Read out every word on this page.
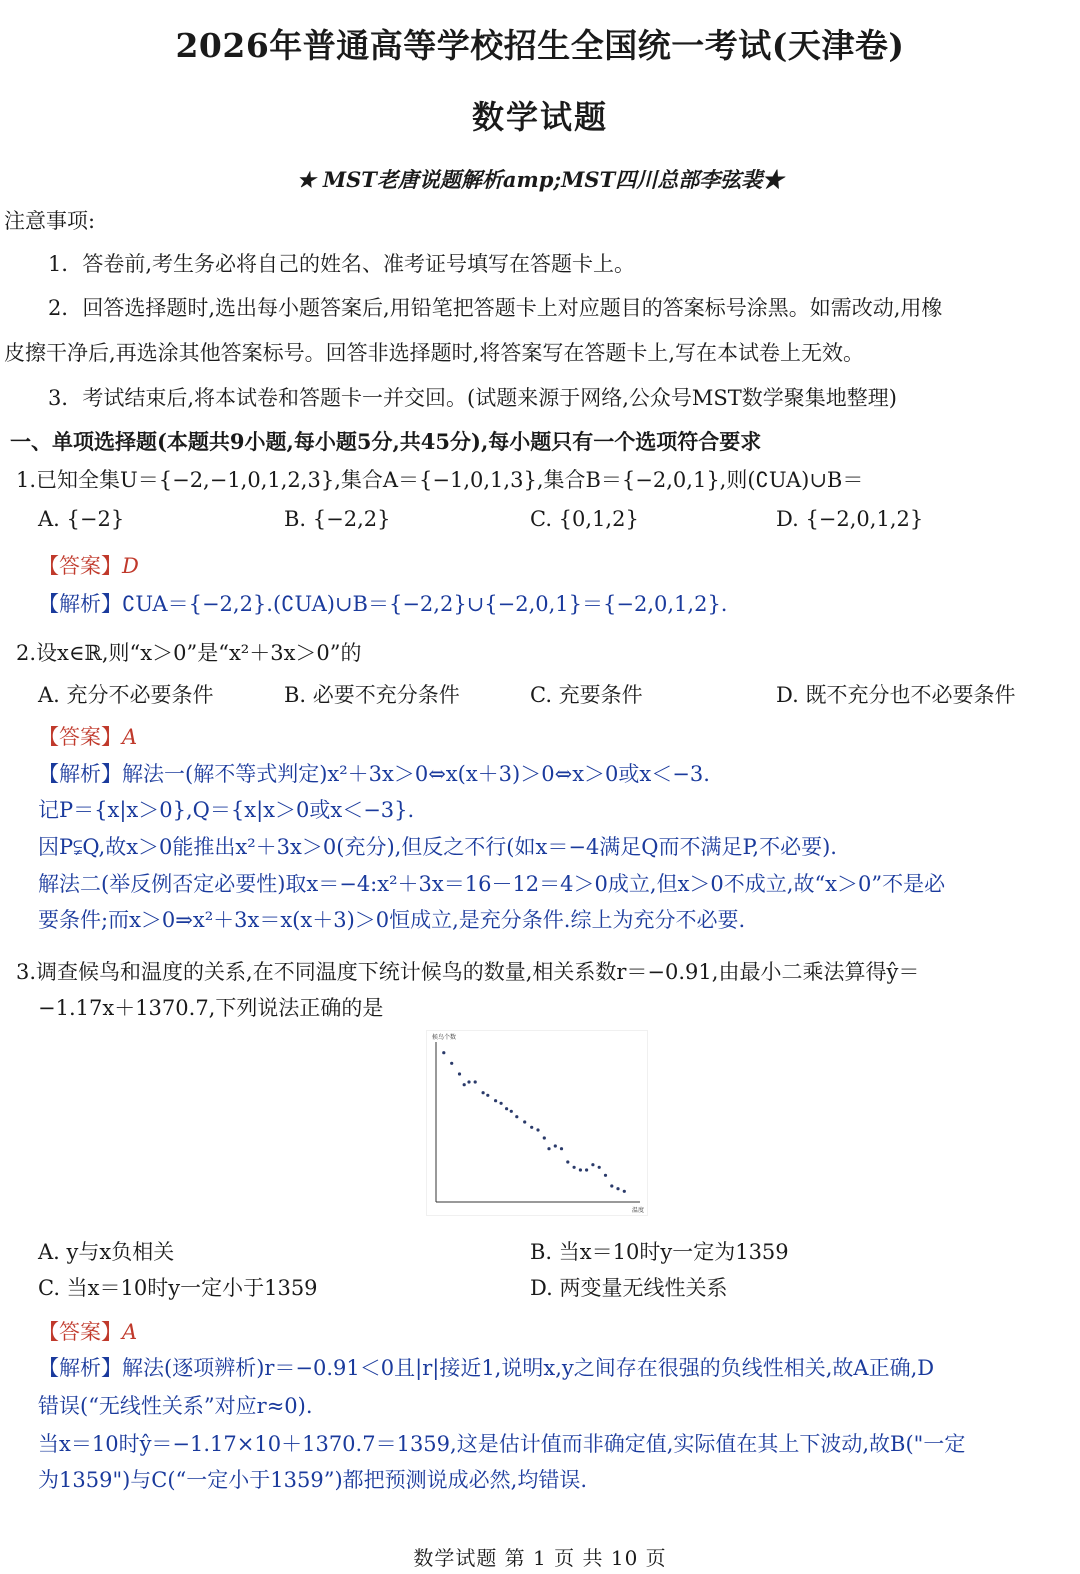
2026年普通高等学校招生全国统一考试(天津卷)
数学试题
★ MST老唐说题解析amp;MST四川总部李弦裴★
注意事项:
1．答卷前,考生务必将自己的姓名、准考证号填写在答题卡上。
2．回答选择题时,选出每小题答案后,用铅笔把答题卡上对应题目的答案标号涂黑。如需改动,用橡
皮擦干净后,再选涂其他答案标号。回答非选择题时,将答案写在答题卡上,写在本试卷上无效。
3．考试结束后,将本试卷和答题卡一并交回。(试题来源于网络,公众号MST数学聚集地整理)
一、单项选择题(本题共9小题,每小题5分,共45分),每小题只有一个选项符合要求
1.已知全集U＝{−2,−1,0,1,2,3},集合A＝{−1,0,1,3},集合B＝{−2,0,1},则(∁UA)∪B＝
A. {−2}	B. {−2,2}	C. {0,1,2}	D. {−2,0,1,2}
【答案】D
【解析】∁UA＝{−2,2}.(∁UA)∪B＝{−2,2}∪{−2,0,1}＝{−2,0,1,2}.
2.设x∈ℝ,则“x＞0”是“x²＋3x＞0”的
A. 充分不必要条件	B. 必要不充分条件	C. 充要条件	D. 既不充分也不必要条件
【答案】A
【解析】解法一(解不等式判定)x²＋3x＞0⇔x(x＋3)＞0⇔x＞0或x＜−3.
记P＝{x|x＞0},Q＝{x|x＞0或x＜−3}.
因P⫋Q,故x＞0能推出x²＋3x＞0(充分),但反之不行(如x＝−4满足Q而不满足P,不必要).
解法二(举反例否定必要性)取x＝−4:x²＋3x＝16－12＝4＞0成立,但x＞0不成立,故“x＞0”不是必
要条件;而x＞0⇒x²＋3x＝x(x＋3)＞0恒成立,是充分条件.综上为充分不必要.
3.调查候鸟和温度的关系,在不同温度下统计候鸟的数量,相关系数r＝−0.91,由最小二乘法算得ŷ＝
−1.17x＋1370.7,下列说法正确的是
候鸟个数
温度
A. y与x负相关	B. 当x＝10时y一定为1359
C. 当x＝10时y一定小于1359	D. 两变量无线性关系
【答案】A
【解析】解法(逐项辨析)r＝−0.91＜0且|r|接近1,说明x,y之间存在很强的负线性相关,故A正确,D
错误(“无线性关系”对应r≈0).
当x＝10时ŷ＝−1.17×10＋1370.7＝1359,这是估计值而非确定值,实际值在其上下波动,故B("一定
为1359")与C(“一定小于1359”)都把预测说成必然,均错误.
数学试题 第 1 页 共 10 页
